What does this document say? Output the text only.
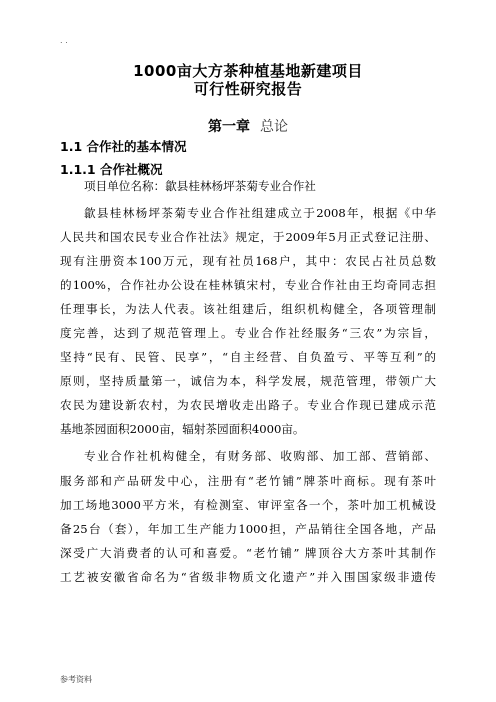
. .
1000亩大方茶种植基地新建项目
可行性研究报告
第一章 总论
1.1 合作社的基本情况
1.1.1 合作社概况
项目单位名称：歙县桂林杨坪茶菊专业合作社
歙县桂林杨坪茶菊专业合作社组建成立于2008年，根据《中华
人民共和国农民专业合作社法》规定，于2009年5月正式登记注册、
现有注册资本100万元，现有社员168户，其中：农民占社员总数
的100%，合作社办公设在桂林镇宋村，专业合作社由王均奇同志担
任理事长，为法人代表。该社组建后，组织机构健全，各项管理制
度完善，达到了规范管理上。专业合作社经服务“三农”为宗旨，
坚持“民有、民管、民享”，“自主经营、自负盈亏、平等互利”的
原则，坚持质量第一，诚信为本，科学发展，规范管理，带领广大
农民为建设新农村，为农民增收走出路子。专业合作现已建成示范
基地茶园面积2000亩，辐射茶园面积4000亩。
专业合作社机构健全，有财务部、收购部、加工部、营销部、
服务部和产品研发中心，注册有“老竹铺”牌茶叶商标。现有茶叶
加工场地3000平方米，有检测室、审评室各一个，茶叶加工机械设
备25台（套），年加工生产能力1000担，产品销往全国各地，产品
深受广大消费者的认可和喜爱。“老竹铺” 牌顶谷大方茶叶其制作
工艺被安徽省命名为“省级非物质文化遗产”并入围国家级非遗传
参考资料
